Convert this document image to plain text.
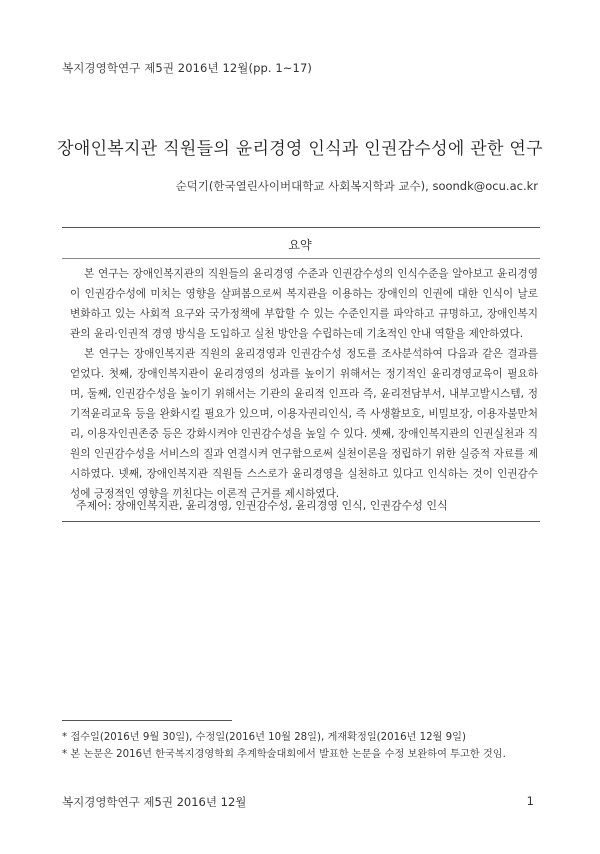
복지경영학연구 제5권 2016년 12월(pp. 1~17)
장애인복지관 직원들의 윤리경영 인식과 인권감수성에 관한 연구
순덕기(한국열린사이버대학교 사회복지학과 교수), soondk@ocu.ac.kr
요약

본 연구는 장애인복지관의 직원들의 윤리경영 수준과 인권감수성의 인식수준을 알아보고 윤리경영이 인권감수성에 미치는 영향을 살펴봄으로써 복지관을 이용하는 장애인의 인권에 대한 인식이 날로 변화하고 있는 사회적 요구와 국가정책에 부합할 수 있는 수준인지를 파악하고 규명하고, 장애인복지관의 윤리·인권적 경영 방식을 도입하고 실천 방안을 수립하는데 기초적인 안내 역할을 제안하였다.

본 연구는 장애인복지관 직원의 윤리경영과 인권감수성 정도를 조사분석하여 다음과 같은 결과를 얻었다. 첫째, 장애인복지관이 윤리경영의 성과를 높이기 위해서는 정기적인 윤리경영교육이 필요하며, 둘째, 인권감수성을 높이기 위해서는 기관의 윤리적 인프라 즉, 윤리전담부서, 내부고발시스템, 정기적윤리교육 등을 완화시킬 필요가 있으며, 이용자권리인식, 즉 사생활보호, 비밀보장, 이용자불만처리, 이용자인권존중 등은 강화시켜야 인권감수성을 높일 수 있다. 셋째, 장애인복지관의 인권실천과 직원의 인권감수성을 서비스의 질과 연결시켜 연구함으로써 실천이론을 정립하기 위한 실증적 자료를 제시하였다. 넷째, 장애인복지관 직원들 스스로가 윤리경영을 실천하고 있다고 인식하는 것이 인권감수성에 긍정적인 영향을 끼친다는 이론적 근거를 제시하였다.

주제어: 장애인복지관, 윤리경영, 인권감수성, 윤리경영 인식, 인권감수성 인식
* 접수일(2016년 9월 30일), 수정일(2016년 10월 28일), 게재확정일(2016년 12월 9일)
* 본 논문은 2016년 한국복지경영학회 추계학술대회에서 발표한 논문을 수정 보완하여 투고한 것임.
복지경영학연구 제5권 2016년 12월	1
